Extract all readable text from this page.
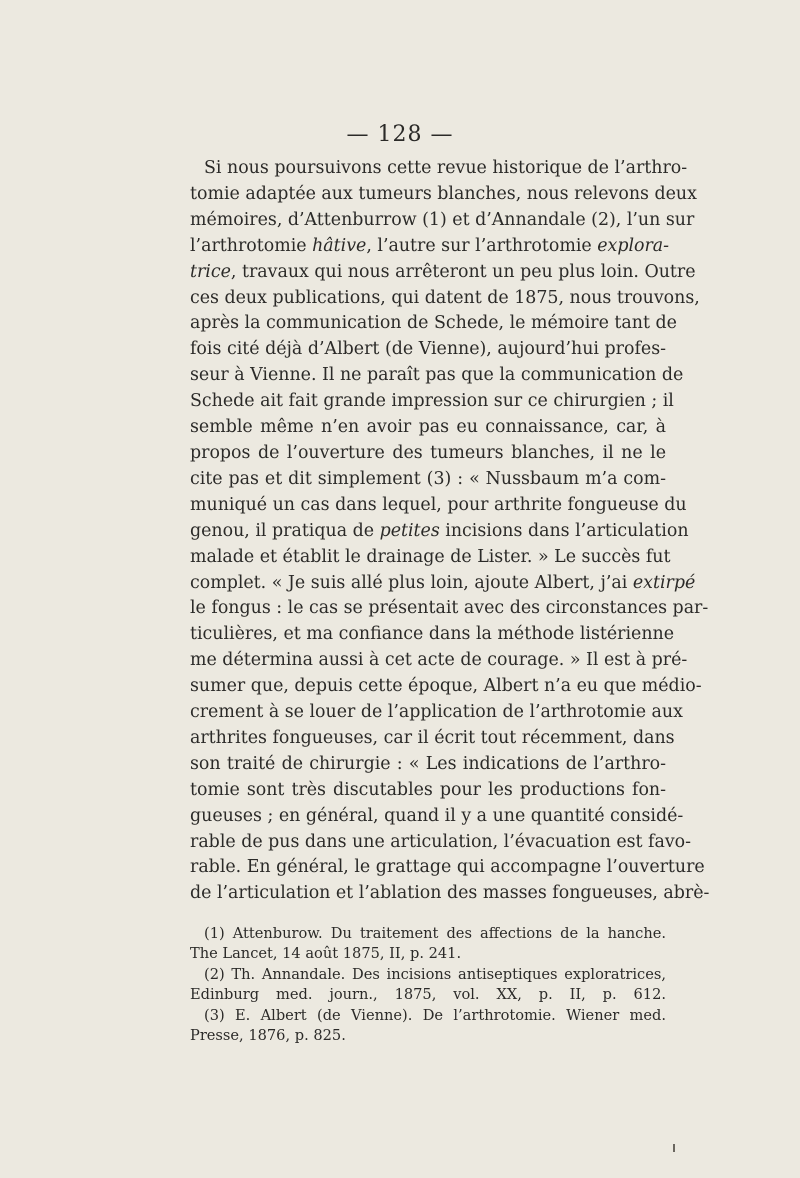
— 128 —
Si nous poursuivons cette revue historique de l’arthro-
tomie adaptée aux tumeurs blanches, nous relevons deux
mémoires, d’Attenburrow (1) et d’Annandale (2), l’un sur
l’arthrotomie hâtive, l’autre sur l’arthrotomie explora-
trice, travaux qui nous arrêteront un peu plus loin. Outre
ces deux publications, qui datent de 1875, nous trouvons,
après la communication de Schede, le mémoire tant de
fois cité déjà d’Albert (de Vienne), aujourd’hui profes-
seur à Vienne. Il ne paraît pas que la communication de
Schede ait fait grande impression sur ce chirurgien ; il
semble même n’en avoir pas eu connaissance, car, à
propos de l’ouverture des tumeurs blanches, il ne le
cite pas et dit simplement (3) : « Nussbaum m’a com-
muniqué un cas dans lequel, pour arthrite fongueuse du
genou, il pratiqua de petites incisions dans l’articulation
malade et établit le drainage de Lister. » Le succès fut
complet. « Je suis allé plus loin, ajoute Albert, j’ai extirpé
le fongus : le cas se présentait avec des circonstances par-
ticulières, et ma confiance dans la méthode listérienne
me détermina aussi à cet acte de courage. » Il est à pré-
sumer que, depuis cette époque, Albert n’a eu que médio-
crement à se louer de l’application de l’arthrotomie aux
arthrites fongueuses, car il écrit tout récemment, dans
son traité de chirurgie : « Les indications de l’arthro-
tomie sont très discutables pour les productions fon-
gueuses ; en général, quand il y a une quantité considé-
rable de pus dans une articulation, l’évacuation est favo-
rable. En général, le grattage qui accompagne l’ouverture
de l’articulation et l’ablation des masses fongueuses, abrè-
(1) Attenburow. Du traitement des affections de la hanche.
The Lancet, 14 août 1875, II, p. 241.
(2) Th. Annandale. Des incisions antiseptiques exploratrices,
Edinburg med. journ., 1875, vol. XX, p. II, p. 612.
(3) E. Albert (de Vienne). De l’arthrotomie. Wiener med.
Presse, 1876, p. 825.
